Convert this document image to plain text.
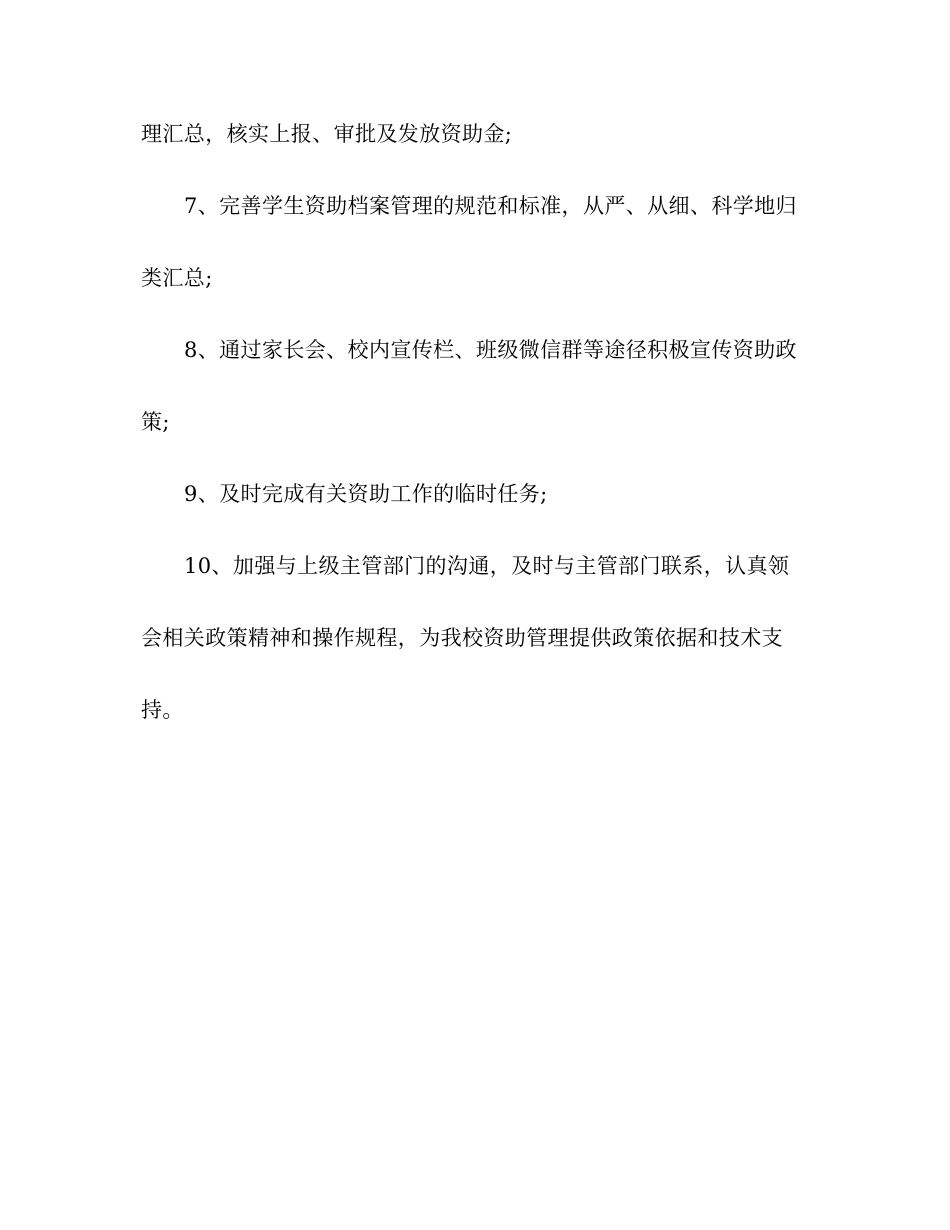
理汇总，核实上报、审批及发放资助金;
7、完善学生资助档案管理的规范和标准，从严、从细、科学地归
类汇总;
8、通过家长会、校内宣传栏、班级微信群等途径积极宣传资助政
策;
9、及时完成有关资助工作的临时任务;
10、加强与上级主管部门的沟通，及时与主管部门联系，认真领
会相关政策精神和操作规程，为我校资助管理提供政策依据和技术支
持。
